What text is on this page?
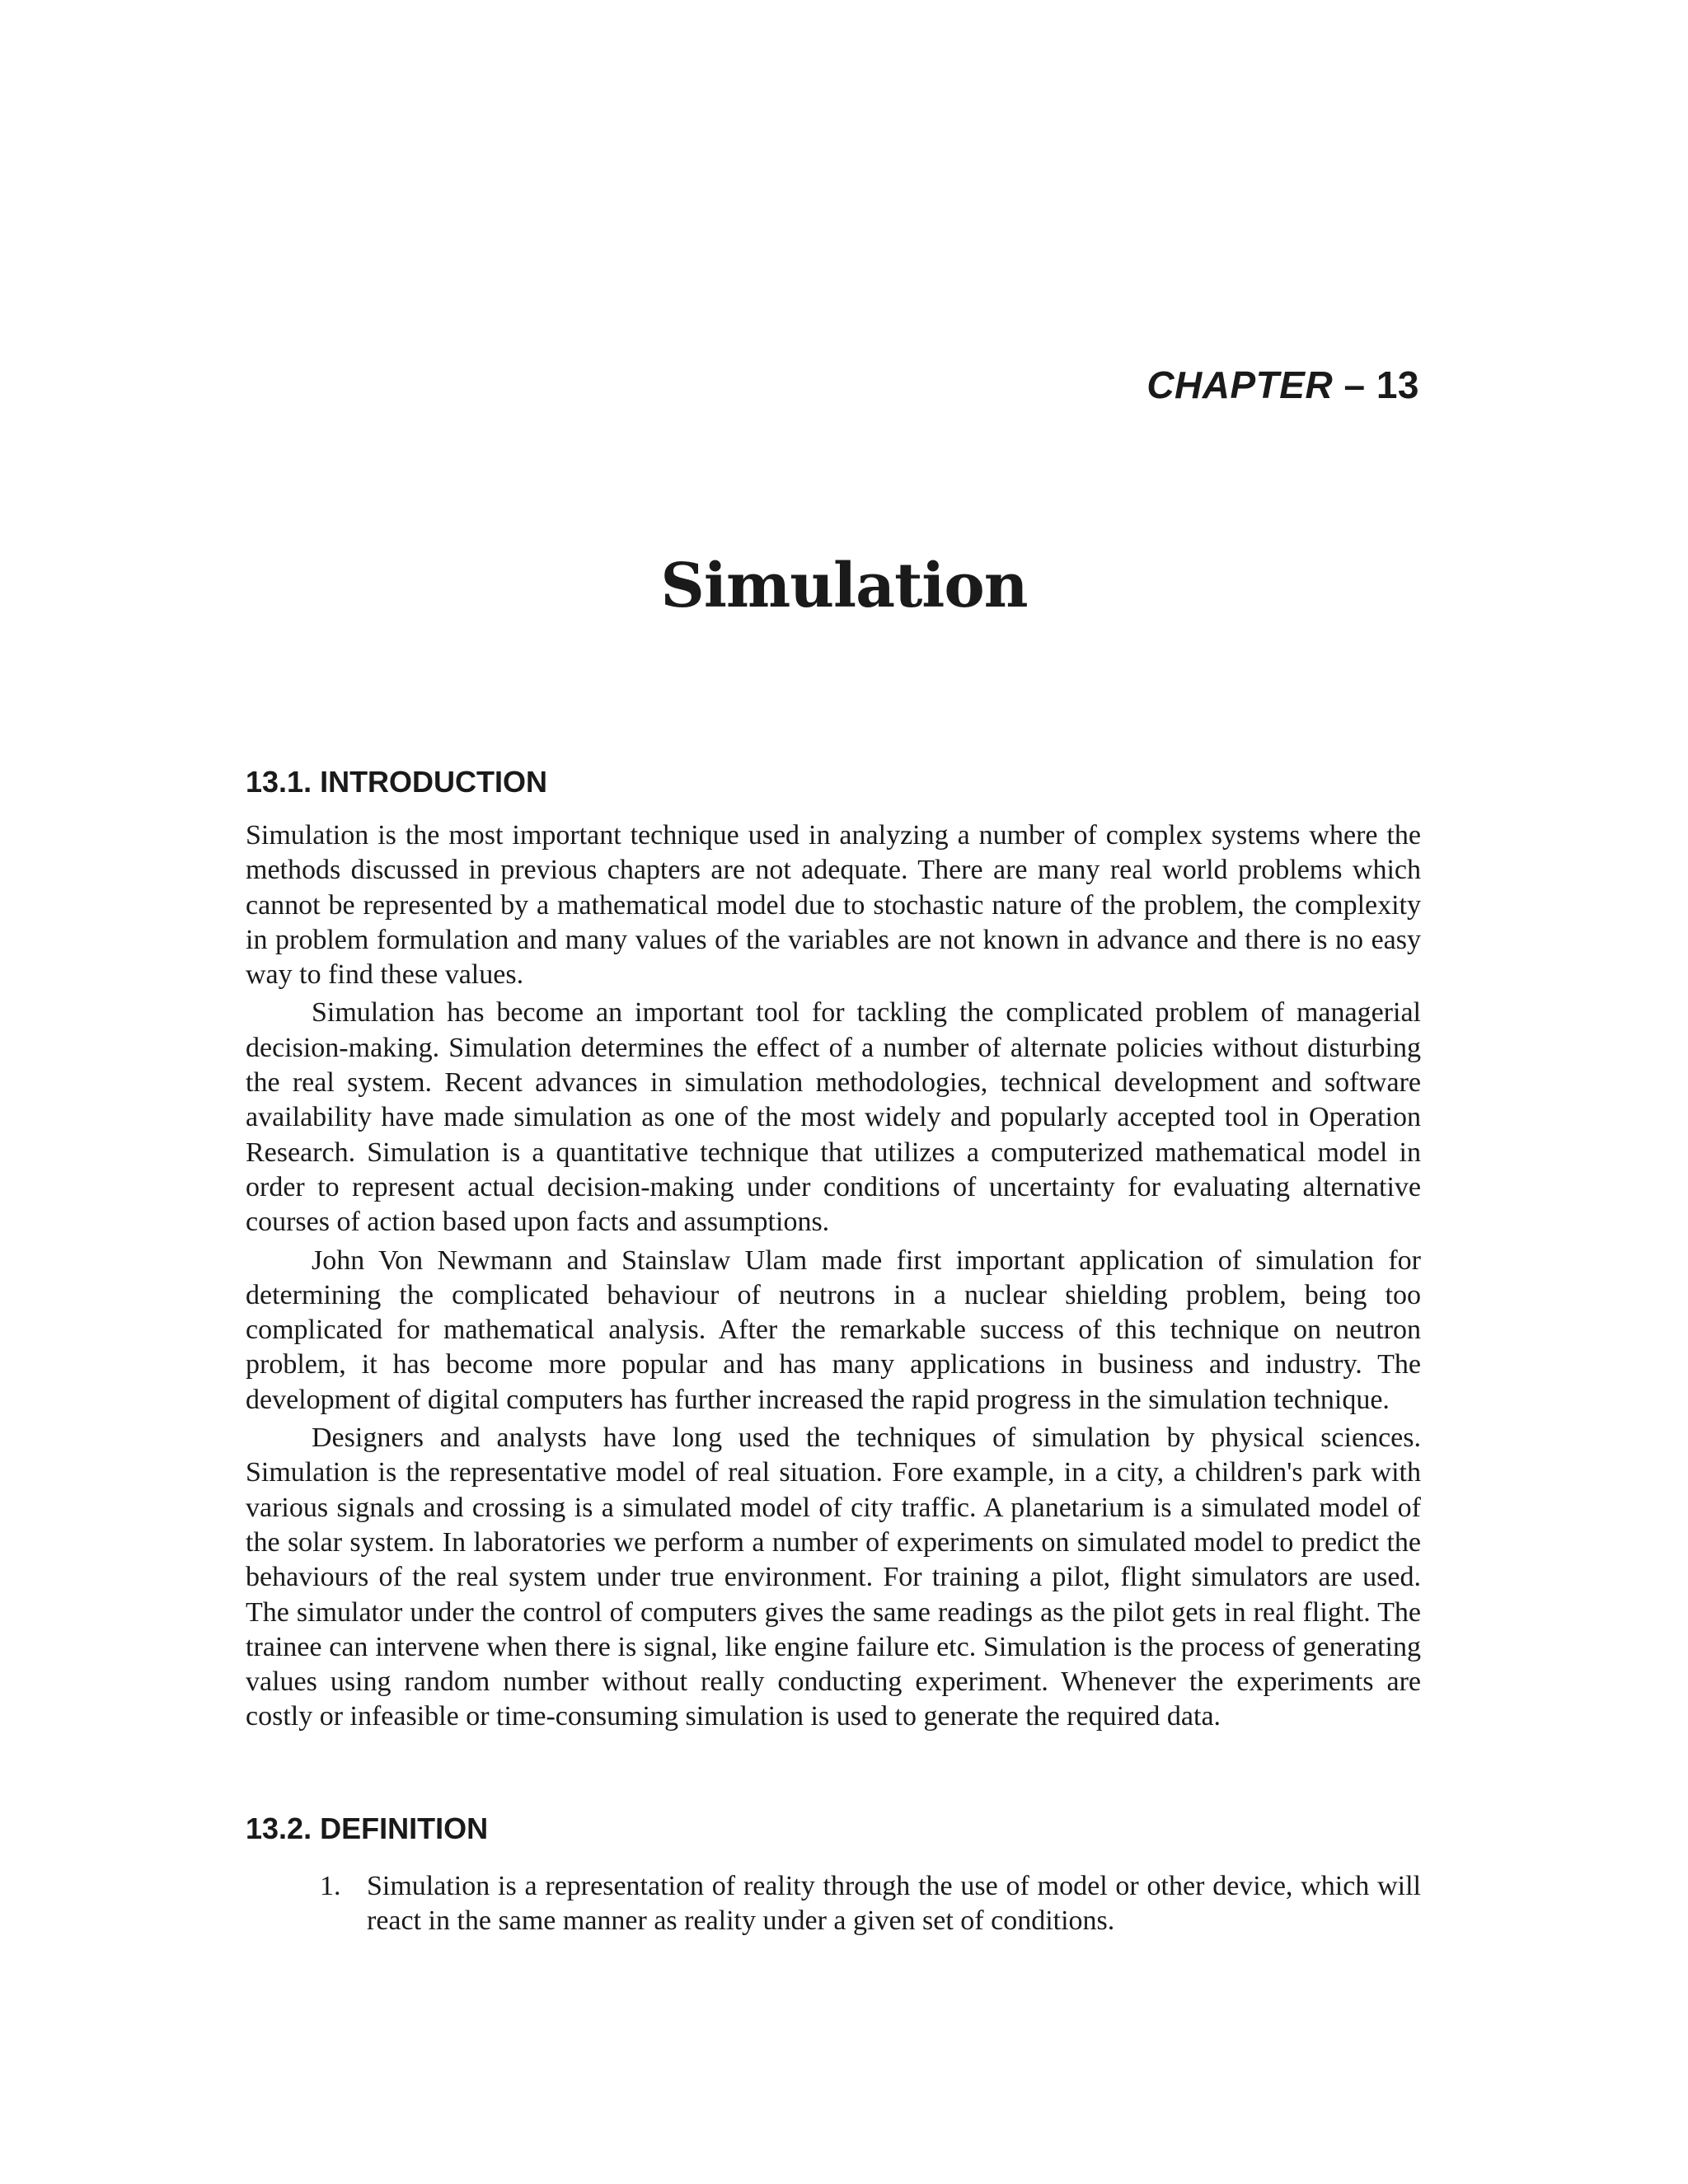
CHAPTER – 13
Simulation
13.1. INTRODUCTION

Simulation is the most important technique used in analyzing a number of complex systems where the methods discussed in previous chapters are not adequate. There are many real world problems which cannot be represented by a mathematical model due to stochastic nature of the problem, the complexity in problem formulation and many values of the variables are not known in advance and there is no easy way to find these values.

Simulation has become an important tool for tackling the complicated problem of managerial decision-making. Simulation determines the effect of a number of alternate policies without disturbing the real system. Recent advances in simulation methodologies, technical development and software availability have made simulation as one of the most widely and popularly accepted tool in Operation Research. Simulation is a quantitative technique that utilizes a computerized mathematical model in order to represent actual decision-making under conditions of uncertainty for evaluating alternative courses of action based upon facts and assumptions.

John Von Newmann and Stainslaw Ulam made first important application of simulation for determining the complicated behaviour of neutrons in a nuclear shielding problem, being too complicated for mathematical analysis. After the remarkable success of this technique on neutron problem, it has become more popular and has many applications in business and industry. The development of digital computers has further increased the rapid progress in the simulation technique.

Designers and analysts have long used the techniques of simulation by physical sciences. Simulation is the representative model of real situation. Fore example, in a city, a children's park with various signals and crossing is a simulated model of city traffic. A planetarium is a simulated model of the solar system. In laboratories we perform a number of experiments on simulated model to predict the behaviours of the real system under true environment. For training a pilot, flight simulators are used. The simulator under the control of computers gives the same readings as the pilot gets in real flight. The trainee can intervene when there is signal, like engine failure etc. Simulation is the process of generating values using random number without really conducting experiment. Whenever the experiments are costly or infeasible or time-consuming simulation is used to generate the required data.

13.2. DEFINITION
1. Simulation is a representation of reality through the use of model or other device, which will react in the same manner as reality under a given set of conditions.
